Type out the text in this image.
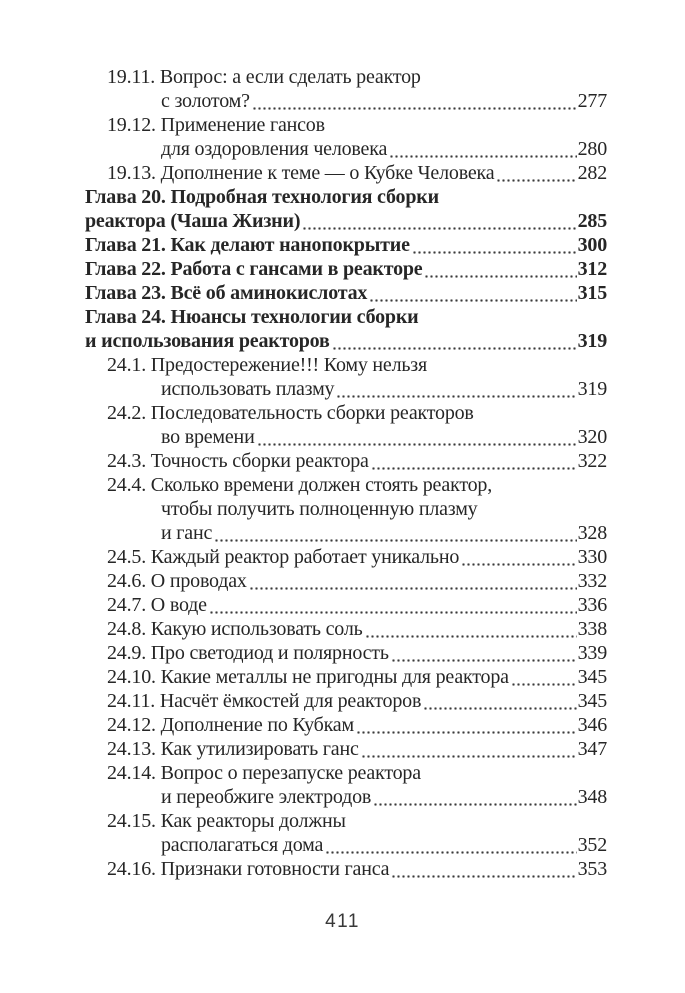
19.11. Вопрос: а если сделать реактор
с золотом?	277
19.12. Применение гансов
для оздоровления человека	280
19.13. Дополнение к теме — о Кубке Человека	282
Глава 20. Подробная технология сборки
реактора (Чаша Жизни)	285
Глава 21. Как делают нанопокрытие	300
Глава 22. Работа с гансами в реакторе	312
Глава 23. Всё об аминокислотах	315
Глава 24. Нюансы технологии сборки
и использования реакторов	319
24.1. Предостережение!!! Кому нельзя
использовать плазму	319
24.2. Последовательность сборки реакторов
во времени	320
24.3. Точность сборки реактора	322
24.4. Сколько времени должен стоять реактор,
чтобы получить полноценную плазму
и ганс	328
24.5. Каждый реактор работает уникально	330
24.6. О проводах	332
24.7. О воде	336
24.8. Какую использовать соль	338
24.9. Про светодиод и полярность	339
24.10. Какие металлы не пригодны для реактора	345
24.11. Насчёт ёмкостей для реакторов	345
24.12. Дополнение по Кубкам	346
24.13. Как утилизировать ганс	347
24.14. Вопрос о перезапуске реактора
и переобжиге электродов	348
24.15. Как реакторы должны
располагаться дома	352
24.16. Признаки готовности ганса	353
411
